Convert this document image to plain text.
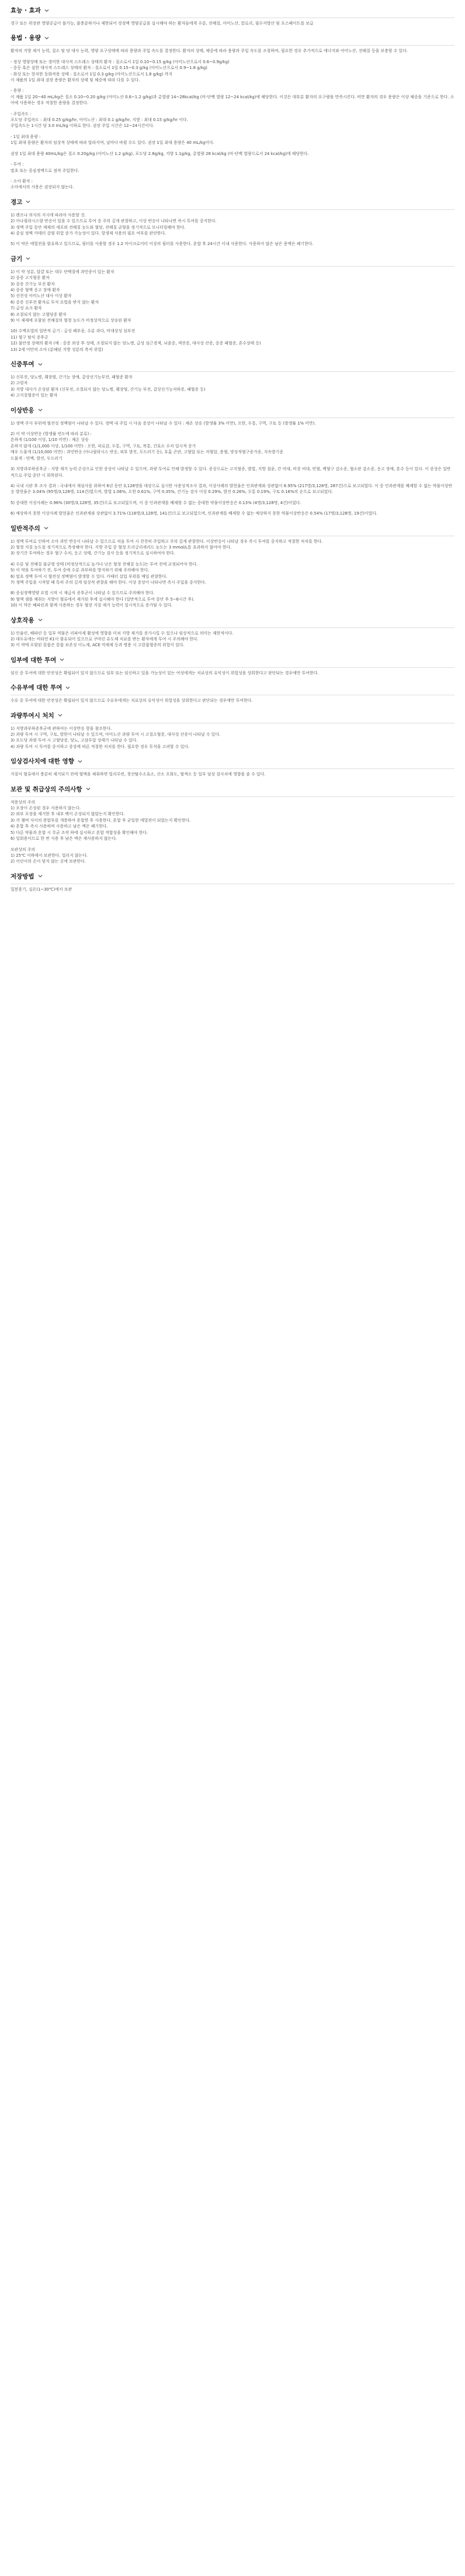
효능 · 효과

경구 또는 위장관 영양공급이 불가능, 불충분하거나 제한되어 경정맥 영양공급을 실시해야 하는 환자들에게 수분, 전해질, 아미노산, 칼로리, 필수지방산 및 포스페이트를 보급

용법 · 용량

환자의 지방 제거 능력, 질소 및 당 대사 능력, 영양 요구상태에 따라 용량과 주입 속도를 결정한다. 환자의 상태, 체중에 따라 용량과 주입 속도를 조절하며, 필요한 경우 추가적으로 에너지와 아미노산, 전해질 등을 보충할 수 있다.

- 정상 영양상태 또는 경미한 대사적 스트레스 상태의 환자 : 질소로서 1일 0.10~0.15 g/kg (아미노산으로서 0.6~0.9g/kg)
- 중등 혹은 심한 대사적 스트레스 상태의 환자 : 질소로서 1일 0.15~0.3 g/kg (아미노산으로서 0.9~1.8 g/kg)
- 화상 또는 현저한 동화작용 상태 : 질소로서 1일 0.3 g/kg (아미노산으로서 1.8 g/kg) 까지
이 제품의 1일 최대 권장 용량은 환자의 상태 및 체중에 따라 다를 수 있다.

- 용량 :
이 제품 1일 20~40 mL/kg은 질소 0.10~0.20 g/kg (아미노산 0.6~1.2 g/kg)과 총열량 14~28kcal/kg (비-단백 열량 12~24 kcal/kg)에 해당한다. 이것은 대부분 환자의 요구량을 만족시킨다. 비만 환자의 경우 용량은 이상 체중을 기준으로 한다. 소아에 사용하는 경우 적절한 용량을 결정한다.

- 주입속도 :
포도당 주입속도 : 최대 0.25 g/kg/hr, 아미노산 : 최대 0.1 g/kg/hr, 지방 : 최대 0.15 g/kg/hr 이다.
주입속도는 1시간 당 3.0 mL/kg 이하로 한다. 권장 주입 시간은 12~24시간이다.

- 1일 최대 용량 :
1일 최대 용량은 환자의 임상적 상태에 따라 달라지며, 날마다 바뀔 수도 있다. 권장 1일 최대 용량은 40 mL/kg이다.

권장 1일 최대 용량 40mL/kg은 질소 0.20g/kg (아미노산 1.2 g/kg), 포도당 2.8g/kg, 지방 1.1g/kg, 총열량 28 kcal/kg (비-단백 열량으로서 24 kcal/kg)에 해당한다.

- 투여 :
말초 또는 중심정맥으로 점적 주입한다.

- 소아 환자 :
소아에서의 사용은 권장되지 않는다.

경고

1) 렌즈나 의사의 지시에 따라야 사용할 것.
2) 아나필락시스양 반응이 있을 수 있으므로 투여 중 주의 깊게 관찰하고, 이상 반응이 나타나면 즉시 투여를 중지한다.
3) 정맥 주입 동안 제제의 세포외 전해질 농도와 혈당, 전해질 균형을 정기적으로 모니터링해야 한다.
4) 중심 정맥 카테터 감염 위험 증가 가능성이 있다. 항생제 사용의 필요 여부를 판단한다.

5) 이 약은 에멀젼을 함유하고 있으므로, 필터를 사용할 경우 1.2 마이크로미터 이상의 필터를 사용한다. 혼합 후 24시간 이내 사용한다. 사용하지 않은 남은 용액은 폐기한다.

금기

1) 이 약 성분, 달걀 또는 대두 단백질에 과민증이 있는 환자
2) 중증 고지혈증 환자
3) 중증 간기능 부전 환자
4) 중증 혈액 응고 장애 환자
5) 선천성 아미노산 대사 이상 환자
6) 중증 신부전 환자로 투석 요법을 받지 않는 환자
7) 급성 쇼크 환자
8) 조절되지 않는 고혈당증 환자
9) 이 제제에 포함된 전해질의 혈청 농도가 비정상적으로 상승된 환자

10) 수액요법의 일반적 금기 : 급성 폐부종, 수분 과다, 비대상성 심부전
11) 혈구 탐식 증후군
12) 불안정 상태의 환자 (예 : 중증 외상 후 상태, 조절되지 않는 당뇨병, 급성 심근경색, 뇌졸중, 색전증, 대사성 산증, 중증 패혈증, 혼수상태 등)
13) 2세 미만의 소아 (분해된 지방 성분의 축적 위험)

신중투여

1) 신부전, 당뇨병, 췌장염, 간기능 장애, 갑상선기능부전, 패혈증 환자
2) 고령자
3) 지방 대사가 손상된 환자 (신부전, 조절되지 않는 당뇨병, 췌장염, 간기능 부전, 갑상선기능저하증, 패혈증 등)
4) 고지질혈증이 있는 환자

이상반응

1) 정맥 주사 부위에 혈전성 정맥염이 나타날 수 있다. 정맥 내 주입 시 다음 증상이 나타날 수 있다 : 체온 상승 (발생률 3% 미만), 오한, 두통, 구역, 구토 등 (발생률 1% 미만).

2) 이 약 이상반응 (발생률 빈도에 따라 분류) :
흔하게 (1/100 이상, 1/10 미만) : 체온 상승
흔하지 않게 (1/1,000 이상, 1/100 미만) : 오한, 피로감, 두통, 구역, 구토, 복통, 간효소 수치 일시적 증가
매우 드물게 (1/10,000 미만) : 과민반응 (아나필락시스 반응, 피부 발진, 두드러기 등), 호흡 곤란, 고혈압 또는 저혈압, 용혈, 망상적혈구증가증, 지속발기증
드물게 : 빈맥, 발진, 두드러기

3) 지방과부하증후군 : 지방 제거 능력 손상으로 인한 증상이 나타날 수 있으며, 과량 투여로 인해 발생할 수 있다. 증상으로는 고지혈증, 발열, 지방 침윤, 간 비대, 비장 비대, 빈혈, 백혈구 감소증, 혈소판 감소증, 응고 장애, 혼수 등이 있다. 이 증상은 일반적으로 주입 중단 시 회복된다.

4) 국내 시판 후 조사 결과 : 국내에서 재심사를 위하여 6년 동안 3,128명을 대상으로 실시한 사용성적조사 결과, 이상사례의 발현율은 인과관계와 상관없이 6.95% (217명/3,128명, 287건)으로 보고되었다. 이 중 인과관계를 배제할 수 없는 약물이상반응 발현율은 3.04% (95명/3,128명, 114건)였으며, 발열 1.06%, 오한 0.61%, 구역 0.35%, 간기능 검사 이상 0.29%, 발진 0.26%, 두통 0.19%, 구토 0.16%의 순으로 보고되었다.

5) 중대한 이상사례는 0.96% (30명/3,128명, 35건)으로 보고되었으며, 이 중 인과관계를 배제할 수 없는 중대한 약물이상반응은 0.13% (4명/3,128명, 4건)이었다.

6) 예상하지 못한 이상사례 발현율은 인과관계와 상관없이 3.71% (116명/3,128명, 141건)으로 보고되었으며, 인과관계를 배제할 수 없는 예상하지 못한 약물이상반응은 0.54% (17명/3,128명, 19건)이었다.

일반적주의

1) 정맥 투여로 인하여 소아 과민 반응이 나타날 수 있으므로 처음 투여 시 천천히 주입하고 주의 깊게 관찰한다. 이상반응이 나타날 경우 즉시 투여를 중지하고 적절한 처치를 한다.
2) 혈청 지질 농도를 정기적으로 측정해야 한다. 지방 주입 중 혈청 트리글리세리드 농도는 3 mmol/L를 초과하지 않아야 한다.
3) 장기간 투여하는 경우 혈구 수치, 응고 상태, 간기능 검사 등을 정기적으로 실시하여야 한다.

4) 수분 및 전해질 불균형 상태 (비정상적으로 높거나 낮은 혈청 전해질 농도)는 투여 전에 교정되어야 한다.
5) 이 약을 투여하기 전, 투여 중에 수분 과부하를 방지하기 위해 주의해야 한다.
6) 말초 정맥 투여 시 혈전성 정맥염이 발생할 수 있다. 카테터 삽입 부위를 매일 관찰한다.
7) 정맥 주입을 시작할 때 특히 주의 깊게 임상적 관찰을 해야 한다. 이상 증상이 나타나면 즉시 주입을 중지한다.

8) 중심정맥영양 요법 시작 시 재급식 증후군이 나타날 수 있으므로 주의해야 한다.
9) 혈액 샘플 채취는 지방이 혈류에서 제거된 후에 실시해야 한다 (일반적으로 투여 중단 후 5~6시간 후).
10) 이 약은 헤파린과 함께 사용하는 경우 혈장 지질 제거 능력이 일시적으로 증가될 수 있다.

상호작용

1) 인슐린, 헤파린 등 일부 약물은 리파아제 활성에 영향을 미쳐 지방 제거를 증가시킬 수 있으나 임상적으로 의미는 제한적이다.
2) 대두유에는 비타민 K1이 함유되어 있으므로 쿠마린 유도체 치료를 받는 환자에게 투여 시 주의해야 한다.
3) 이 약에 포함된 칼륨은 칼륨 보존성 이뇨제, ACE 억제제 등과 병용 시 고칼륨혈증의 위험이 있다.

임부에 대한 투여

임신 중 투여에 대한 안전성은 확립되어 있지 않으므로 임부 또는 임신하고 있을 가능성이 있는 여성에게는 치료상의 유익성이 위험성을 상회한다고 판단되는 경우에만 투여한다.

수유부에 대한 투여

수유 중 투여에 대한 안전성은 확립되어 있지 않으므로 수유부에게는 치료상의 유익성이 위험성을 상회한다고 판단되는 경우에만 투여한다.

과량투여시 처치

1) 지방과부하증후군에 관하여는 이상반응 항을 참조한다.
2) 과량 투여 시 구역, 구토, 발한이 나타날 수 있으며, 아미노산 과량 투여 시 고질소혈증, 대사성 산증이 나타날 수 있다.
3) 포도당 과량 투여 시 고혈당증, 당뇨, 고삼투압 상태가 나타날 수 있다.
4) 과량 투여 시 투여를 중지하고 증상에 따른 적절한 처치를 한다. 필요한 경우 투석을 고려할 수 있다.

임상검사치에 대한 영향

지질이 혈류에서 충분히 제거되기 전에 혈액을 채취하면 빌리루빈, 젖산탈수소효소, 산소 포화도, 혈색소 등 일부 임상 검사치에 영향을 줄 수 있다.

보관 및 취급상의 주의사항

적용상의 주의
1) 포장이 손상된 경우 사용하지 않는다.
2) 외부 포장을 제거한 후 내부 백이 손상되지 않았는지 확인한다.
3) 각 챔버 사이의 봉합부를 개봉하여 혼합한 후 사용한다. 혼합 후 균일한 에멀젼이 되었는지 확인한다.
4) 혼합 후 즉시 사용하며 사용하고 남은 액은 폐기한다.
5) 다른 약물과 혼합 시 무균 조작 하에 실시하고 혼합 적합성을 확인해야 한다.
6) 일회용이므로 한 번 사용 후 남은 액은 재사용하지 않는다.

보관상의 주의
1) 25℃ 이하에서 보관한다. 얼리지 않는다.
2) 어린이의 손이 닿지 않는 곳에 보관한다.

저장방법

밀봉용기, 실온(1~30℃)에서 보관
